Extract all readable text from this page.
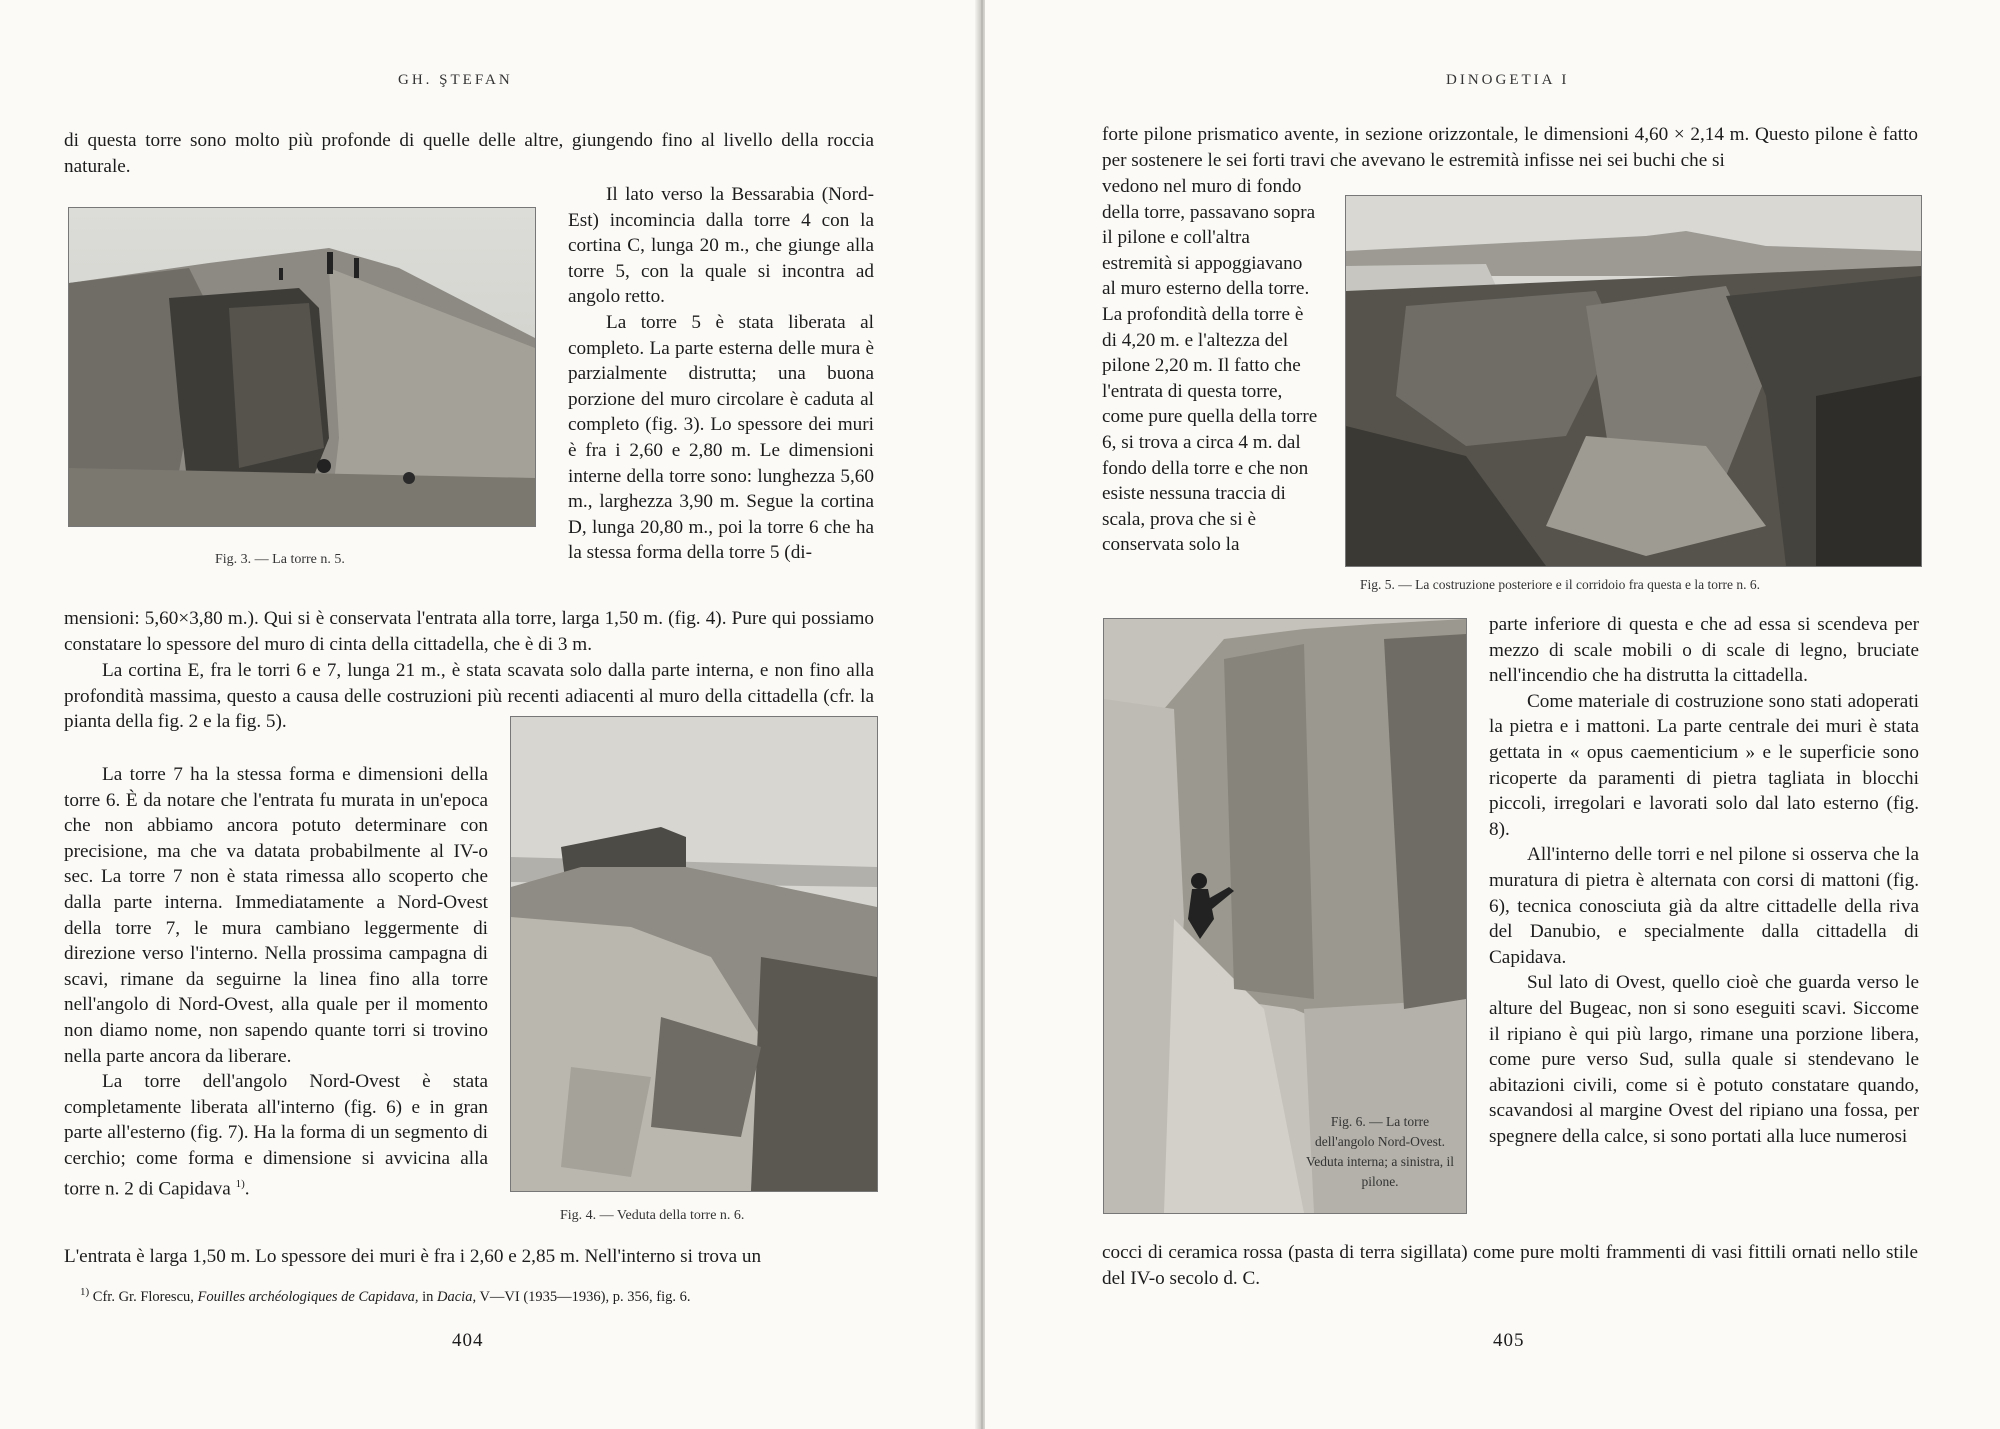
GH. ŞTEFAN

di questa torre sono molto più profonde di quelle delle altre, giungendo fino al livello della roccia naturale.

Fig. 3. — La torre n. 5.

Il lato verso la Bessarabia (Nord-Est) incomincia dalla torre 4 con la cortina C, lunga 20 m., che giunge alla torre 5, con la quale si incontra ad angolo retto.

La torre 5 è stata liberata al completo. La parte esterna delle mura è parzialmente distrutta; una buona porzione del muro circolare è caduta al completo (fig. 3). Lo spessore dei muri è fra i 2,60 e 2,80 m. Le dimensioni interne della torre sono: lunghezza 5,60 m., larghezza 3,90 m. Segue la cortina D, lunga 20,80 m., poi la torre 6 che ha la stessa forma della torre 5 (di-

mensioni: 5,60×3,80 m.). Qui si è conservata l'entrata alla torre, larga 1,50 m. (fig. 4). Pure qui possiamo constatare lo spessore del muro di cinta della cittadella, che è di 3 m.

La cortina E, fra le torri 6 e 7, lunga 21 m., è stata scavata solo dalla parte interna, e non fino alla profondità massima, questo a causa delle costruzioni più recenti adiacenti al muro della cittadella (cfr. la pianta della fig. 2 e la fig. 5).

Fig. 4. — Veduta della torre n. 6.

La torre 7 ha la stessa forma e dimensioni della torre 6. È da notare che l'entrata fu murata in un'epoca che non abbiamo ancora potuto determinare con precisione, ma che va datata probabilmente al IV-o sec. La torre 7 non è stata rimessa allo scoperto che dalla parte interna. Immediatamente a Nord-Ovest della torre 7, le mura cambiano leggermente di direzione verso l'interno. Nella prossima campagna di scavi, rimane da seguirne la linea fino alla torre nell'angolo di Nord-Ovest, alla quale per il momento non diamo nome, non sapendo quante torri si trovino nella parte ancora da liberare.

La torre dell'angolo Nord-Ovest è stata completamente liberata all'interno (fig. 6) e in gran parte all'esterno (fig. 7). Ha la forma di un segmento di cerchio; come forma e dimensione si avvicina alla torre n. 2 di Capidava $^{1)}$.

L'entrata è larga 1,50 m. Lo spessore dei muri è fra i 2,60 e 2,85 m. Nell'interno si trova un

$^{1)}$ Cfr. Gr. Florescu, Fouilles archéologiques de Capidava, in Dacia, V—VI (1935—1936), p. 356, fig. 6.
404
DINOGETIA I

forte pilone prismatico avente, in sezione orizzontale, le dimensioni 4,60 × 2,14 m. Questo pilone è fatto per sostenere le sei forti travi che avevano le estremità infisse nei sei buchi che si

vedono nel muro di fondo della torre, passavano sopra il pilone e coll'altra estremità si appoggiavano al muro esterno della torre. La profondità della torre è di 4,20 m. e l'altezza del pilone 2,20 m. Il fatto che l'entrata di questa torre, come pure quella della torre 6, si trova a circa 4 m. dal fondo della torre e che non esiste nessuna traccia di scala, prova che si è conservata solo la

Fig. 5. — La costruzione posteriore e il corridoio fra questa e la torre n. 6.
Fig. 6. — La torre dell'angolo Nord-Ovest. Veduta interna; a sinistra, il pilone.

parte inferiore di questa e che ad essa si scendeva per mezzo di scale mobili o di scale di legno, bruciate nell'incendio che ha distrutta la cittadella.

Come materiale di costruzione sono stati adoperati la pietra e i mattoni. La parte centrale dei muri è stata gettata in « opus caementicium » e le superficie sono ricoperte da paramenti di pietra tagliata in blocchi piccoli, irregolari e lavorati solo dal lato esterno (fig. 8).

All'interno delle torri e nel pilone si osserva che la muratura di pietra è alternata con corsi di mattoni (fig. 6), tecnica conosciuta già da altre cittadelle della riva del Danubio, e specialmente dalla cittadella di Capidava.

Sul lato di Ovest, quello cioè che guarda verso le alture del Bugeac, non si sono eseguiti scavi. Siccome il ripiano è qui più largo, rimane una porzione libera, come pure verso Sud, sulla quale si stendevano le abitazioni civili, come si è potuto constatare quando, scavandosi al margine Ovest del ripiano una fossa, per spegnere della calce, si sono portati alla luce numerosi

cocci di ceramica rossa (pasta di terra sigillata) come pure molti frammenti di vasi fittili ornati nello stile del IV-o secolo d. C.

405
